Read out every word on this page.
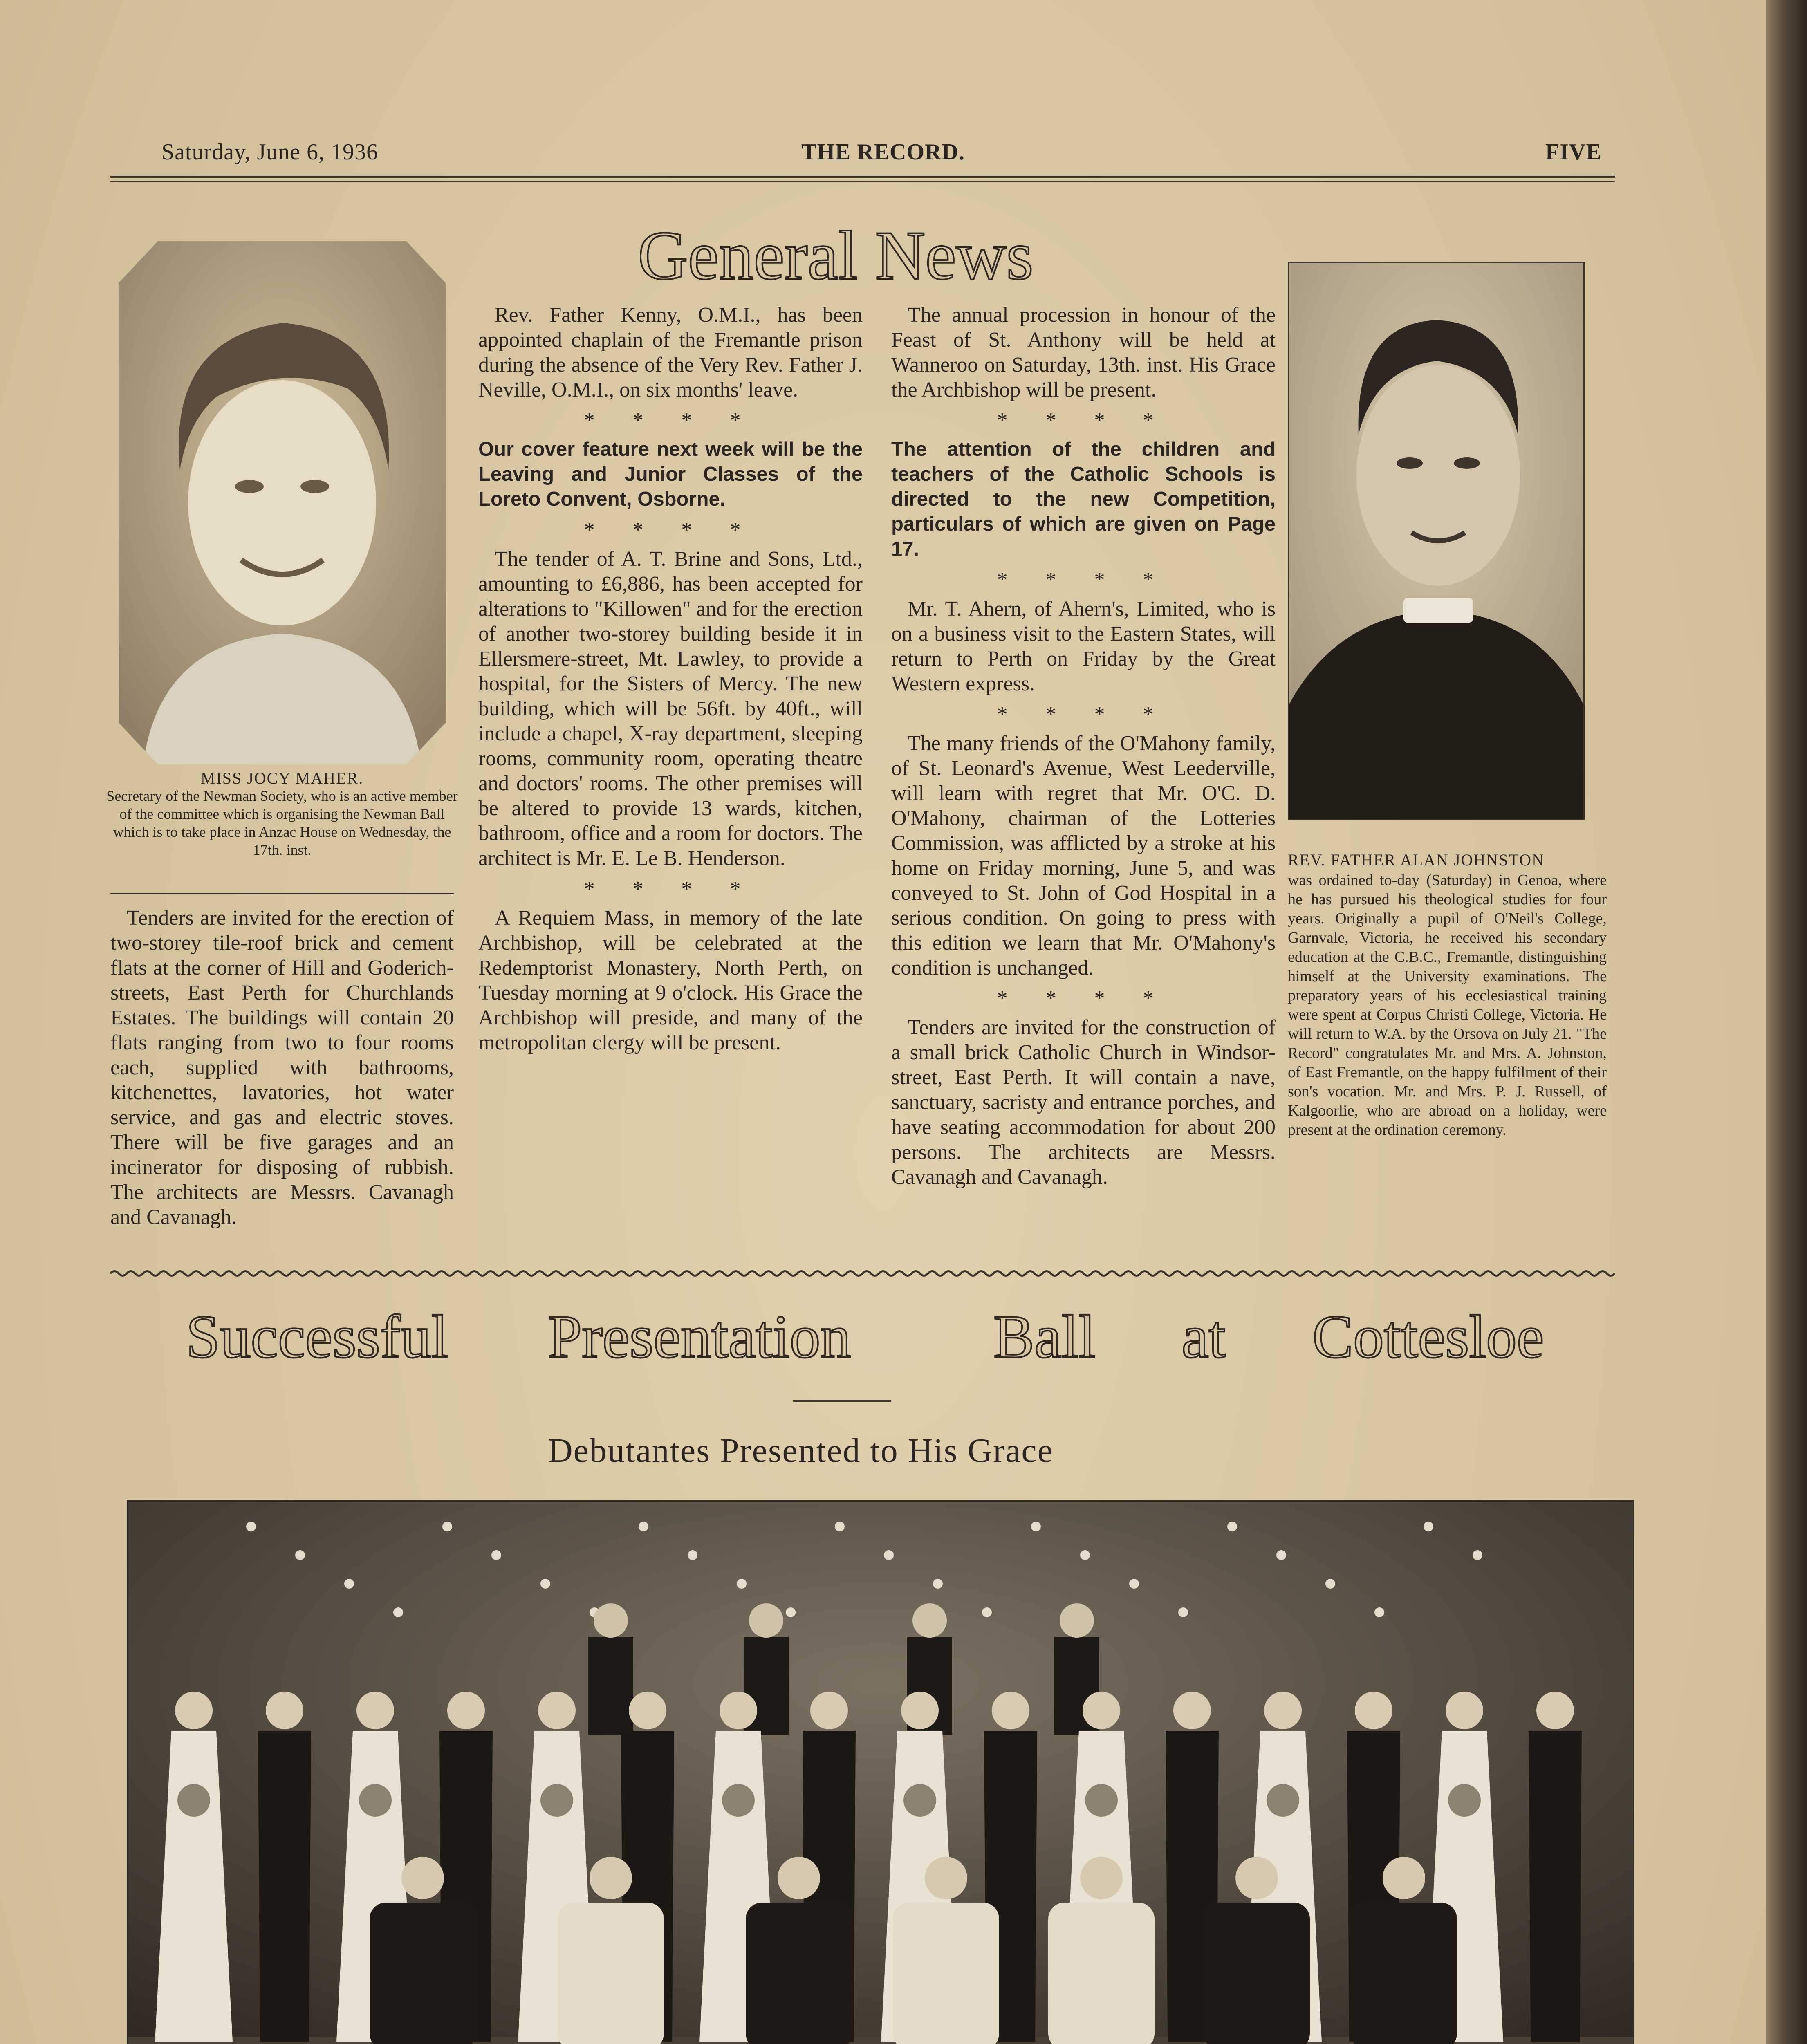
Saturday, June 6, 1936	THE RECORD.	FIVE
General News
MISS JOCY MAHER.
Secretary of the Newman Society, who is an active member of the committee which is organising the Newman Ball which is to take place in Anzac House on Wednesday, the 17th. inst.

Tenders are invited for the erection of two-storey tile-roof brick and cement flats at the corner of Hill and Goderich-streets, East Perth for Churchlands Estates. The buildings will contain 20 flats ranging from two to four rooms each, supplied with bathrooms, kitchenettes, lavatories, hot water service, and gas and electric stoves. There will be five garages and an incinerator for disposing of rubbish. The architects are Messrs. Cavanagh and Cavanagh.

Rev. Father Kenny, O.M.I., has been appointed chaplain of the Fremantle prison during the absence of the Very Rev. Father J. Neville, O.M.I., on six months' leave.

* * * *

Our cover feature next week will be the Leaving and Junior Classes of the Loreto Convent, Osborne.

* * * *

The tender of A. T. Brine and Sons, Ltd., amounting to £6,886, has been accepted for alterations to "Killowen" and for the erection of another two-storey building beside it in Ellersmere-street, Mt. Lawley, to provide a hospital, for the Sisters of Mercy. The new building, which will be 56ft. by 40ft., will include a chapel, X-ray department, sleeping rooms, community room, operating theatre and doctors' rooms. The other premises will be altered to provide 13 wards, kitchen, bathroom, office and a room for doctors. The architect is Mr. E. Le B. Henderson.

* * * *

A Requiem Mass, in memory of the late Archbishop, will be celebrated at the Redemptorist Monastery, North Perth, on Tuesday morning at 9 o'clock. His Grace the Archbishop will preside, and many of the metropolitan clergy will be present.

The annual procession in honour of the Feast of St. Anthony will be held at Wanneroo on Saturday, 13th. inst. His Grace the Archbishop will be present.

* * * *

The attention of the children and teachers of the Catholic Schools is directed to the new Competition, particulars of which are given on Page 17.

* * * *

Mr. T. Ahern, of Ahern's, Limited, who is on a business visit to the Eastern States, will return to Perth on Friday by the Great Western express.

* * * *

The many friends of the O'Mahony family, of St. Leonard's Avenue, West Leederville, will learn with regret that Mr. O'C. D. O'Mahony, chairman of the Lotteries Commission, was afflicted by a stroke at his home on Friday morning, June 5, and was conveyed to St. John of God Hospital in a serious condition. On going to press with this edition we learn that Mr. O'Mahony's condition is unchanged.

* * * *

Tenders are invited for the construction of a small brick Catholic Church in Windsor-street, East Perth. It will contain a nave, sanctuary, sacristy and entrance porches, and have seating accommodation for about 200 persons. The architects are Messrs. Cavanagh and Cavanagh.

REV. FATHER ALAN JOHNSTON

was ordained to-day (Saturday) in Genoa, where he has pursued his theological studies for four years. Originally a pupil of O'Neil's College, Garnvale, Victoria, he received his secondary education at the C.B.C., Fremantle, distinguishing himself at the University examinations. The preparatory years of his ecclesiastical training were spent at Corpus Christi College, Victoria. He will return to W.A. by the Orsova on July 21. "The Record" congratulates Mr. and Mrs. A. Johnston, of East Fremantle, on the happy fulfilment of their son's vocation. Mr. and Mrs. P. J. Russell, of Kalgoorlie, who are abroad on a holiday, were present at the ordination ceremony.

Successful Presentation Ball at Cottesloe
Debutantes Presented to His Grace
